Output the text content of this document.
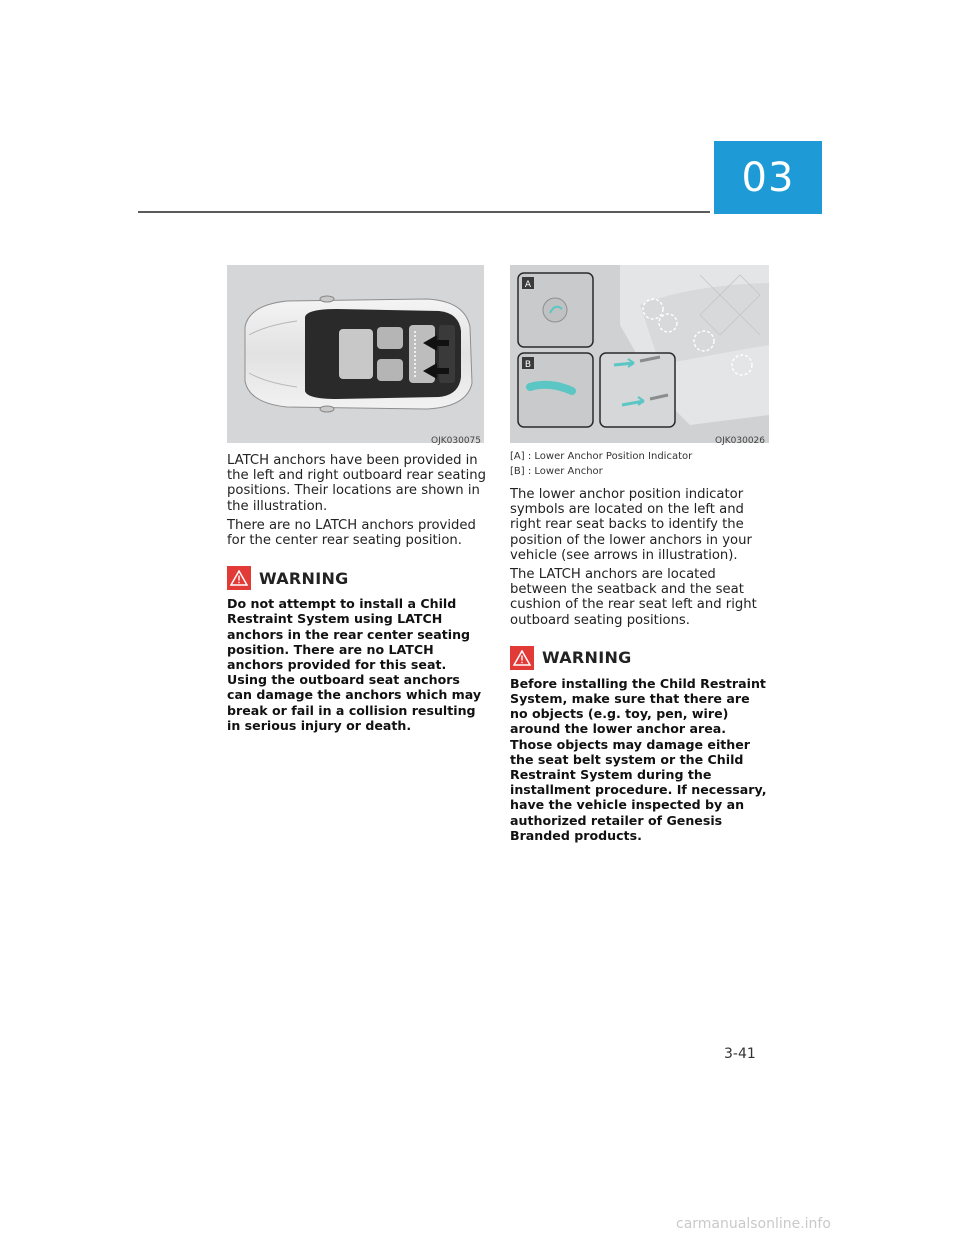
03
OJK030075
A
B
OJK030026

LATCH anchors have been provided in the left and right outboard rear seating positions. Their locations are shown in the illustration.

There are no LATCH anchors provided for the center rear seating position.

WARNING

Do not attempt to install a Child Restraint System using LATCH anchors in the rear center seating position. There are no LATCH anchors provided for this seat. Using the outboard seat anchors can damage the anchors which may break or fail in a collision resulting in serious injury or death.

[A] : Lower Anchor Position Indicator
[B] : Lower Anchor

The lower anchor position indicator symbols are located on the left and right rear seat backs to identify the position of the lower anchors in your vehicle (see arrows in illustration).

The LATCH anchors are located between the seatback and the seat cushion of the rear seat left and right outboard seating positions.

WARNING

Before installing the Child Restraint System, make sure that there are no objects (e.g. toy, pen, wire) around the lower anchor area. Those objects may damage either the seat belt system or the Child Restraint System during the installment procedure. If necessary, have the vehicle inspected by an authorized retailer of Genesis Branded products.

3-41
carmanualsonline.info
